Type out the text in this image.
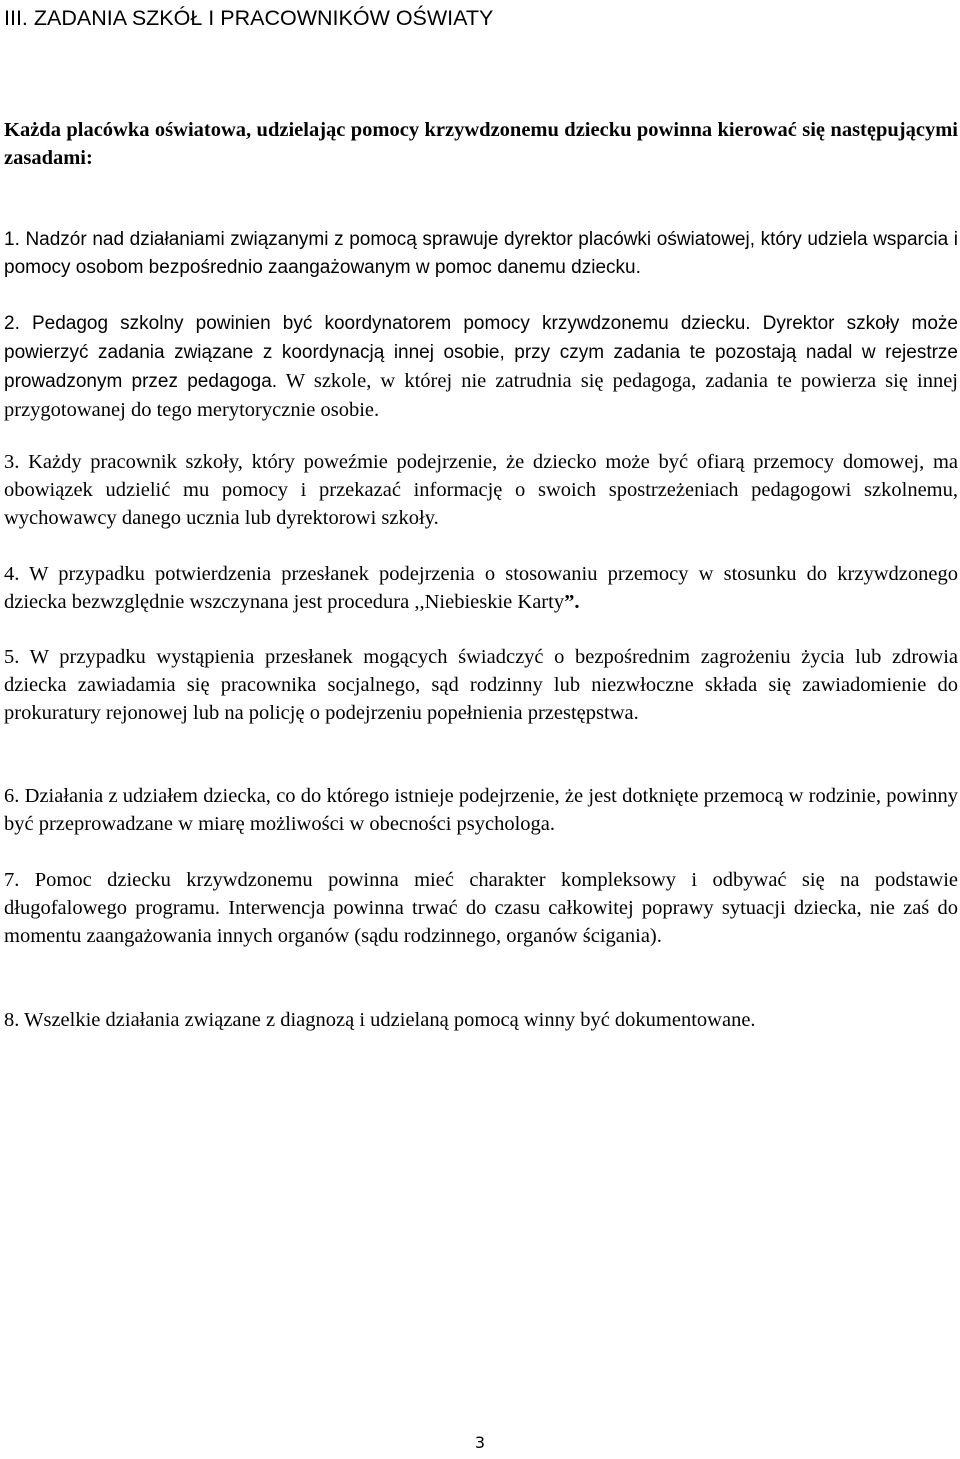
III. ZADANIA SZKÓŁ I PRACOWNIKÓW OŚWIATY

Każda placówka oświatowa, udzielając pomocy krzywdzonemu dziecku powinna kierować się następującymi zasadami:

1. Nadzór nad działaniami związanymi z pomocą sprawuje dyrektor placówki oświatowej, który udziela wsparcia i pomocy osobom bezpośrednio zaangażowanym w pomoc danemu dziecku.

2. Pedagog szkolny powinien być koordynatorem pomocy krzywdzonemu dziecku. Dyrektor szkoły może powierzyć zadania związane z koordynacją innej osobie, przy czym zadania te pozostają nadal w rejestrze prowadzonym przez pedagoga. W szkole, w której nie zatrudnia się pedagoga, zadania te powierza się innej przygotowanej do tego merytorycznie osobie.

3. Każdy pracownik szkoły, który poweźmie podejrzenie, że dziecko może być ofiarą przemocy domowej, ma obowiązek udzielić mu pomocy i przekazać informację o swoich spostrzeżeniach pedagogowi szkolnemu, wychowawcy danego ucznia lub dyrektorowi szkoły.

4. W przypadku potwierdzenia przesłanek podejrzenia o stosowaniu przemocy w stosunku do krzywdzonego dziecka bezwzględnie wszczynana jest procedura ,,Niebieskie Karty”.

5. W przypadku wystąpienia przesłanek mogących świadczyć o bezpośrednim zagrożeniu życia lub zdrowia dziecka zawiadamia się pracownika socjalnego, sąd rodzinny lub niezwłoczne składa się zawiadomienie do prokuratury rejonowej lub na policję o podejrzeniu popełnienia przestępstwa.

6. Działania z udziałem dziecka, co do którego istnieje podejrzenie, że jest dotknięte przemocą w rodzinie, powinny być przeprowadzane w miarę możliwości w obecności psychologa.

7. Pomoc dziecku krzywdzonemu powinna mieć charakter kompleksowy i odbywać się na podstawie długofalowego programu. Interwencja powinna trwać do czasu całkowitej poprawy sytuacji dziecka, nie zaś do momentu zaangażowania innych organów (sądu rodzinnego, organów ścigania).

8. Wszelkie działania związane z diagnozą i udzielaną pomocą winny być dokumentowane.

3
